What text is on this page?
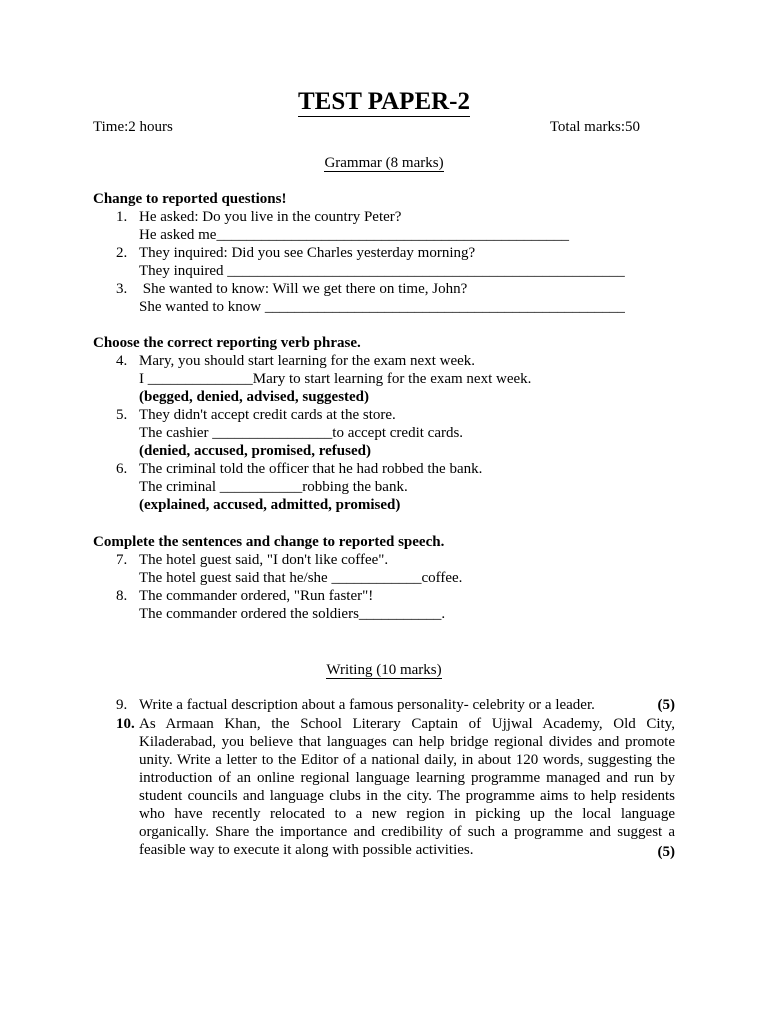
TEST PAPER-2
Time:2 hours	Total marks:50
Grammar (8 marks)
Change to reported questions!
1. He asked: Do you live in the country Peter?
He asked me_______________________________________________
2. They inquired: Did you see Charles yesterday morning?
They inquired _____________________________________________________
3. She wanted to know: Will we get there on time, John?
She wanted to know ________________________________________________
Choose the correct reporting verb phrase.
4. Mary, you should start learning for the exam next week.
I ______________Mary to start learning for the exam next week.
(begged, denied, advised, suggested)
5. They didn't accept credit cards at the store.
The cashier ________________to accept credit cards.
(denied, accused, promised, refused)
6. The criminal told the officer that he had robbed the bank.
The criminal ___________robbing the bank.
(explained, accused, admitted, promised)
Complete the sentences and change to reported speech.
7. The hotel guest said, "I don't like coffee".
The hotel guest said that he/she ____________coffee.
8. The commander ordered, "Run faster"!
The commander ordered the soldiers___________.
Writing (10 marks)
9. Write a factual description about a famous personality- celebrity or a leader.	(5)
10. As Armaan Khan, the School Literary Captain of Ujjwal Academy, Old City,
Kiladerabad, you believe that languages can help bridge regional divides and promote
unity. Write a letter to the Editor of a national daily, in about 120 words, suggesting the
introduction of an online regional language learning programme managed and run by
student councils and language clubs in the city. The programme aims to help residents
who have recently relocated to a new region in picking up the local language
organically. Share the importance and credibility of such a programme and suggest a
feasible way to execute it along with possible activities.	(5)
